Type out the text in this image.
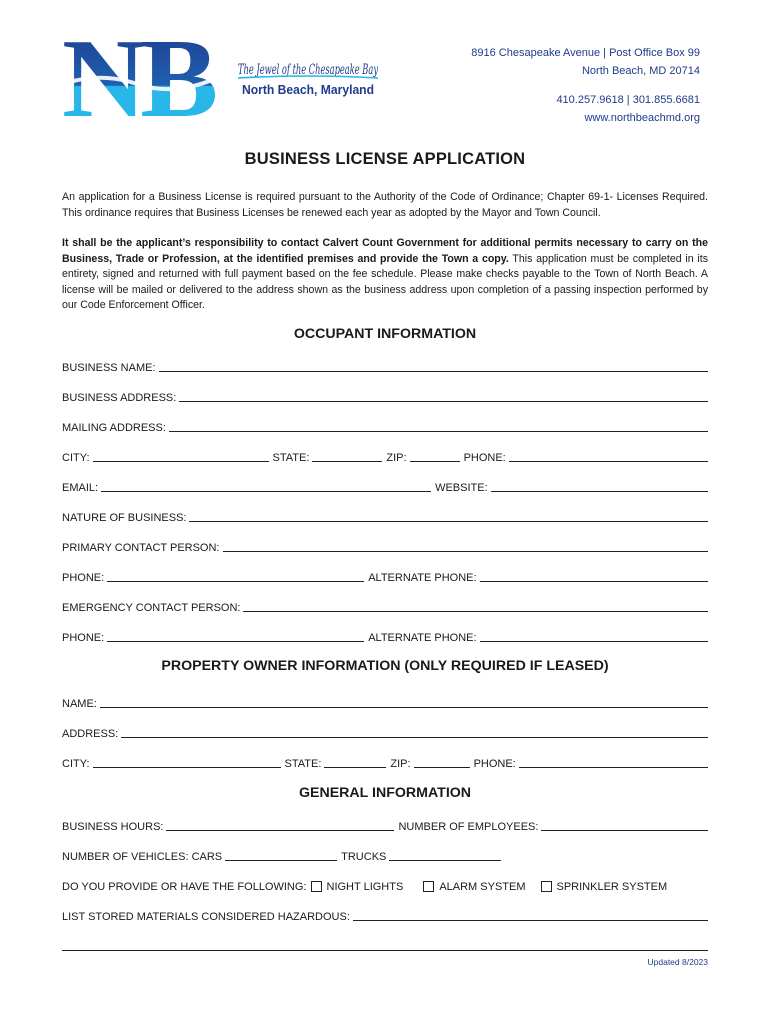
NB The Jewel of the Chesapeake Bay
North Beach, Maryland
8916 Chesapeake Avenue | Post Office Box 99
North Beach, MD 20714
410.257.9618 | 301.855.6681
www.northbeachmd.org
BUSINESS LICENSE APPLICATION
An application for a Business License is required pursuant to the Authority of the Code of Ordinance; Chapter 69-1- Licenses Required. This ordinance requires that Business Licenses be renewed each year as adopted by the Mayor and Town Council.
It shall be the applicant’s responsibility to contact Calvert Count Government for additional permits necessary to carry on the Business, Trade or Profession, at the identified premises and provide the Town a copy. This application must be completed in its entirety, signed and returned with full payment based on the fee schedule. Please make checks payable to the Town of North Beach. A license will be mailed or delivered to the address shown as the business address upon completion of a passing inspection performed by our Code Enforcement Officer.
OCCUPANT INFORMATION
BUSINESS NAME:
BUSINESS ADDRESS:
MAILING ADDRESS:
CITY:	STATE:	ZIP:	PHONE:
EMAIL:	WEBSITE:
NATURE OF BUSINESS:
PRIMARY CONTACT PERSON:
PHONE:	ALTERNATE PHONE:
EMERGENCY CONTACT PERSON:
PHONE:	ALTERNATE PHONE:
PROPERTY OWNER INFORMATION (ONLY REQUIRED IF LEASED)
NAME:
ADDRESS:
CITY:	STATE:	ZIP:	PHONE:
GENERAL INFORMATION
BUSINESS HOURS:	NUMBER OF EMPLOYEES:
NUMBER OF VEHICLES: CARS	TRUCKS
DO YOU PROVIDE OR HAVE THE FOLLOWING: NIGHT LIGHTS	ALARM SYSTEM	SPRINKLER SYSTEM
LIST STORED MATERIALS CONSIDERED HAZARDOUS:
Updated 8/2023
